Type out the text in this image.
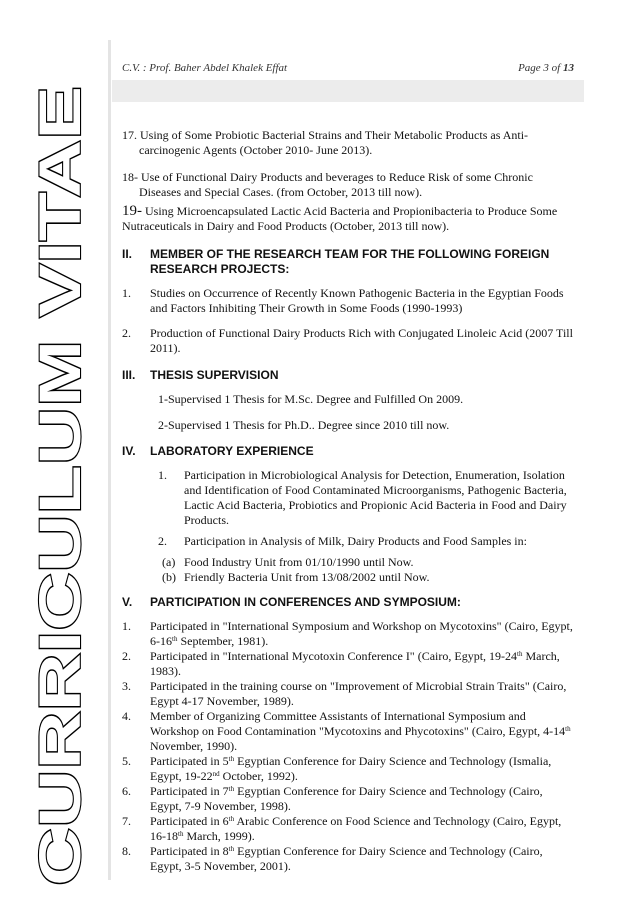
CURRICULUM VITAE
C.V. : Prof. Baher Abdel Khalek Effat	Page 3 of 13

17. Using of Some Probiotic Bacterial Strains and Their Metabolic Products as Anti-carcinogenic Agents (October 2010- June 2013).

18- Use of Functional Dairy Products and beverages to Reduce Risk of some Chronic Diseases and Special Cases. (from October, 2013 till now).

19- Using Microencapsulated Lactic Acid Bacteria and Propionibacteria to Produce Some Nutraceuticals in Dairy and Food Products (October, 2013 till now).

II. MEMBER OF THE RESEARCH TEAM FOR THE FOLLOWING FOREIGN RESEARCH PROJECTS:
1. Studies on Occurrence of Recently Known Pathogenic Bacteria in the Egyptian Foods and Factors Inhibiting Their Growth in Some Foods (1990-1993)
2. Production of Functional Dairy Products Rich with Conjugated Linoleic Acid (2007 Till 2011).
III. THESIS SUPERVISION

1-Supervised 1 Thesis for M.Sc. Degree and Fulfilled On 2009.

2-Supervised 1 Thesis for Ph.D.. Degree since 2010 till now.

IV. LABORATORY EXPERIENCE
1. Participation in Microbiological Analysis for Detection, Enumeration, Isolation and Identification of Food Contaminated Microorganisms, Pathogenic Bacteria, Lactic Acid Bacteria, Probiotics and Propionic Acid Bacteria in Food and Dairy Products.
2. Participation in Analysis of Milk, Dairy Products and Food Samples in:
(a) Food Industry Unit from 01/10/1990 until Now.
(b) Friendly Bacteria Unit from 13/08/2002 until Now.
V. PARTICIPATION IN CONFERENCES AND SYMPOSIUM:
1. Participated in "International Symposium and Workshop on Mycotoxins" (Cairo, Egypt, 6-16th September, 1981).
2. Participated in "International Mycotoxin Conference I" (Cairo, Egypt, 19-24th March, 1983).
3. Participated in the training course on "Improvement of Microbial Strain Traits" (Cairo, Egypt 4-17 November, 1989).
4. Member of Organizing Committee Assistants of International Symposium and Workshop on Food Contamination "Mycotoxins and Phycotoxins" (Cairo, Egypt, 4-14th November, 1990).
5. Participated in 5th Egyptian Conference for Dairy Science and Technology (Ismalia, Egypt, 19-22nd October, 1992).
6. Participated in 7th Egyptian Conference for Dairy Science and Technology (Cairo, Egypt, 7-9 November, 1998).
7. Participated in 6th Arabic Conference on Food Science and Technology (Cairo, Egypt, 16-18th March, 1999).
8. Participated in 8th Egyptian Conference for Dairy Science and Technology (Cairo, Egypt, 3-5 November, 2001).
